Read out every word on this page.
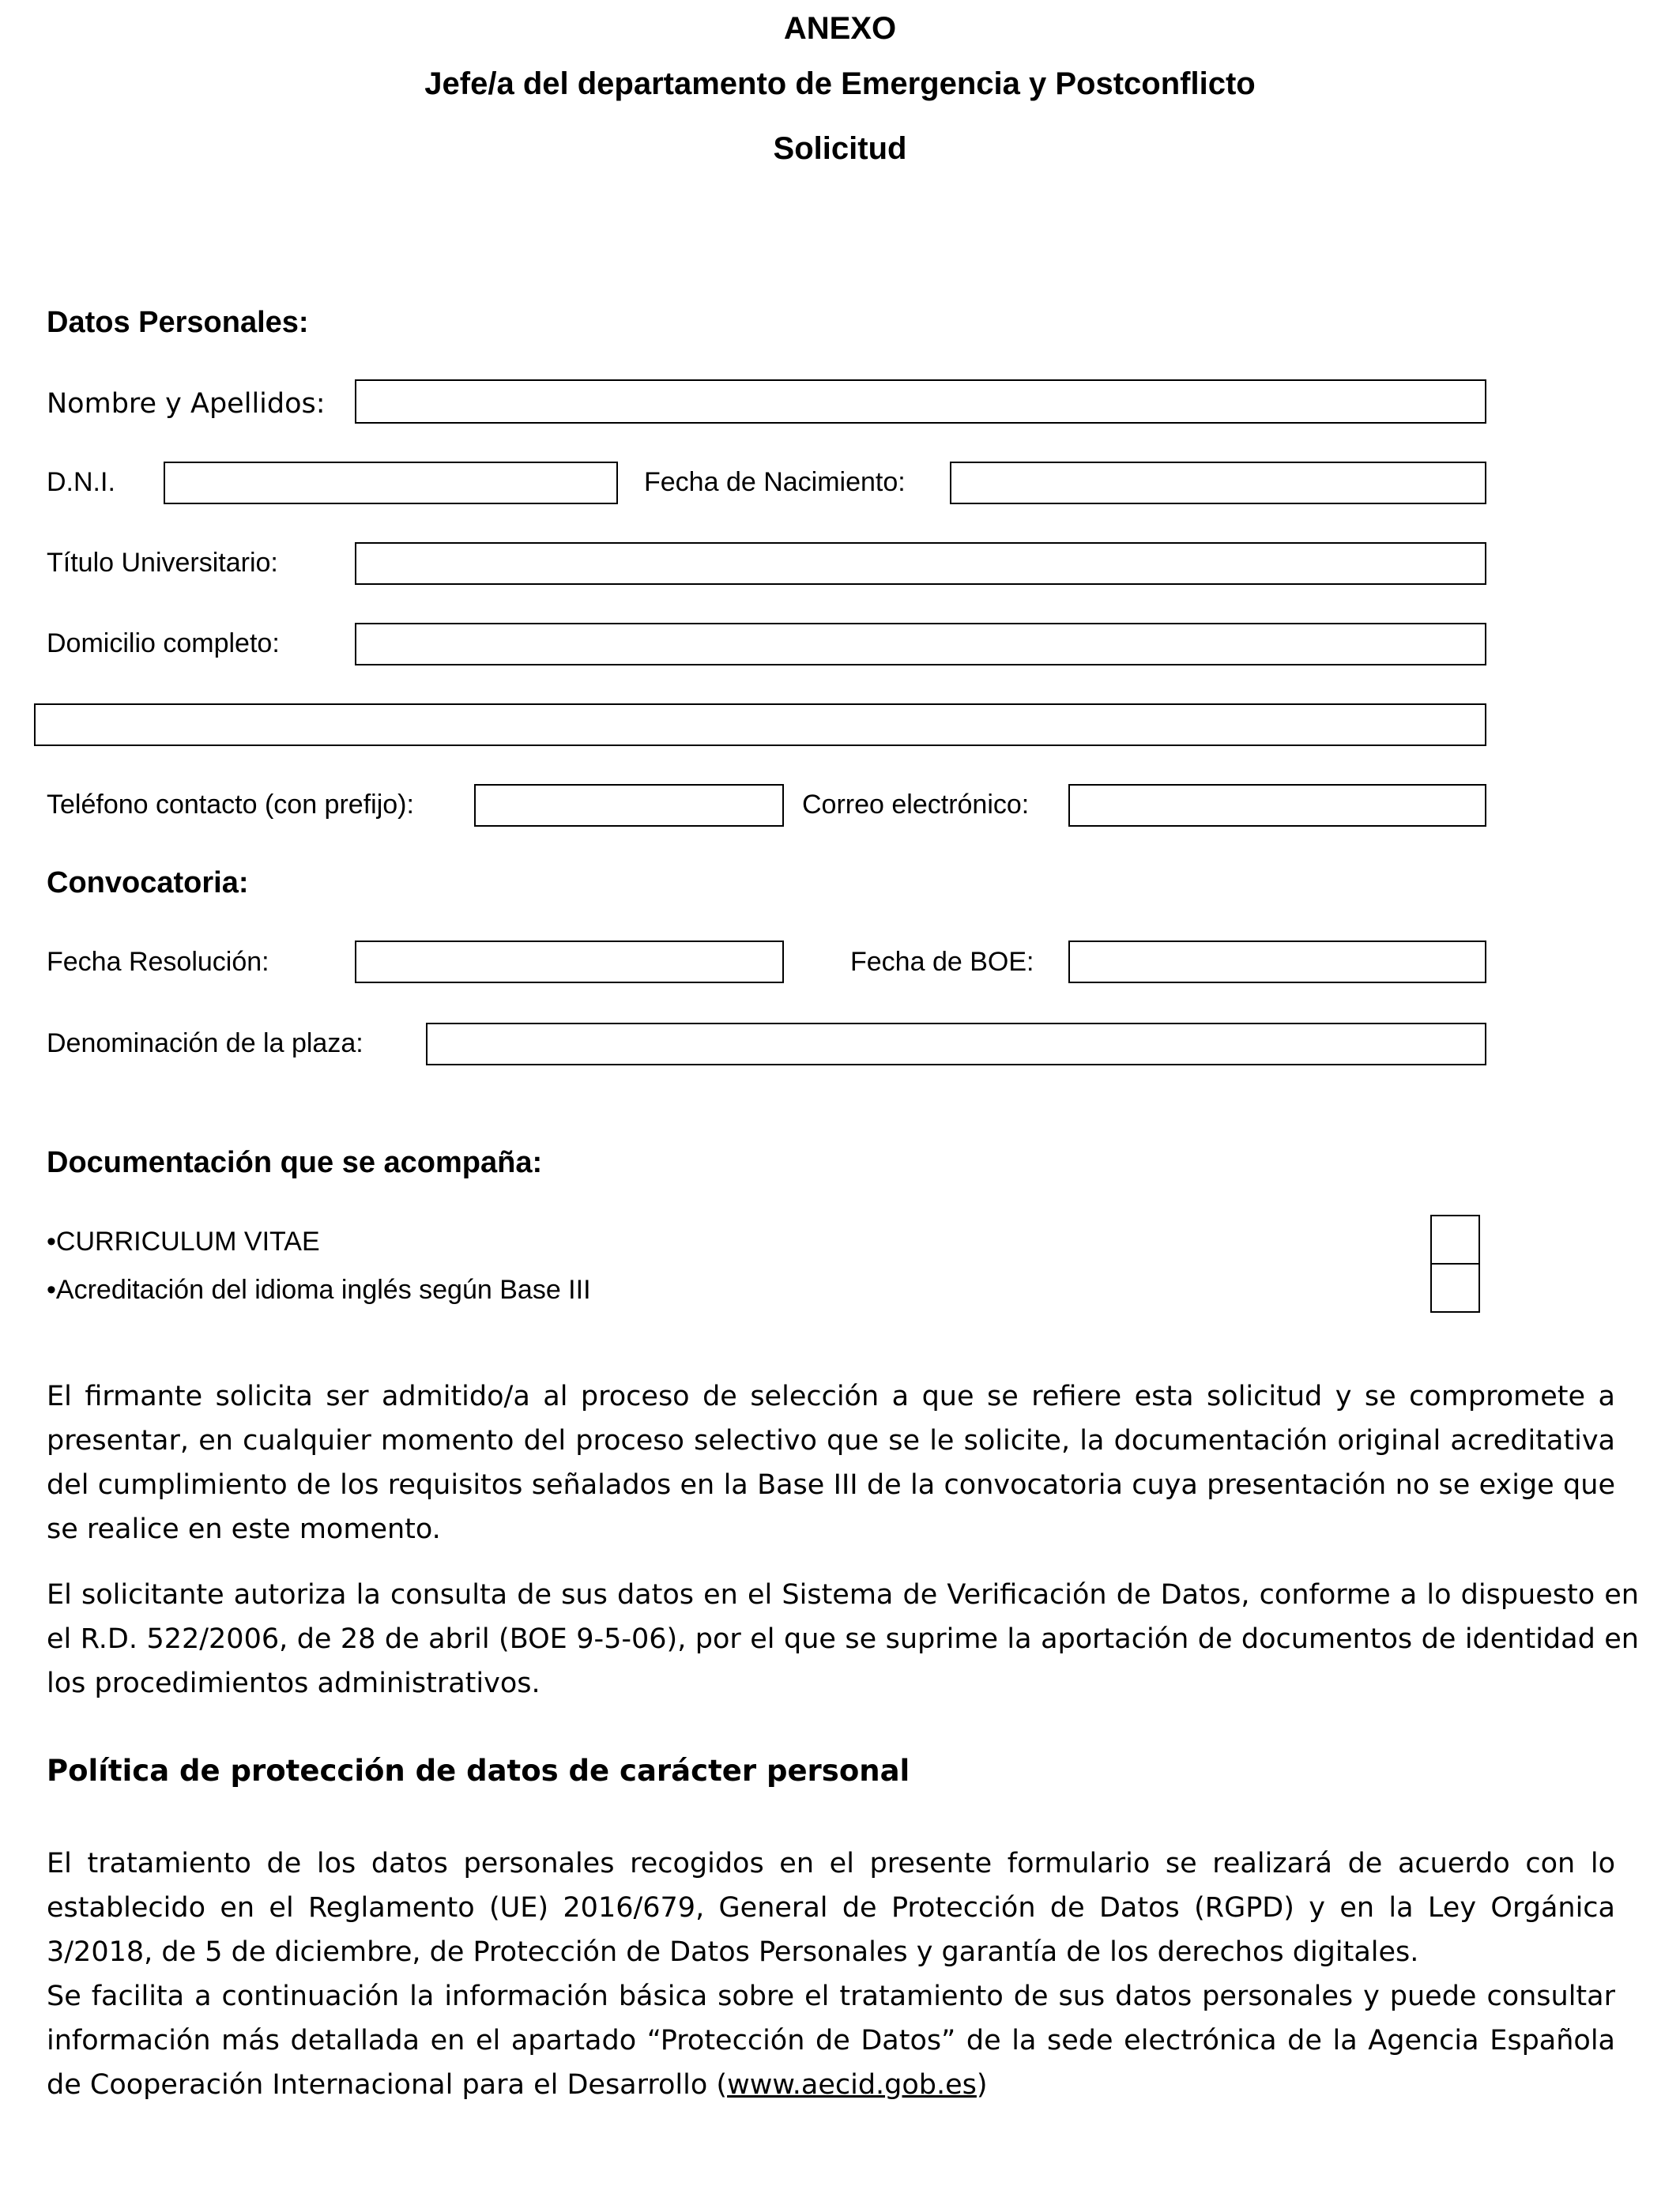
ANEXO
Jefe/a del departamento de Emergencia y Postconflicto
Solicitud
Datos Personales:
Nombre y Apellidos:
D.N.I.	Fecha de Nacimiento:
Título Universitario:
Domicilio completo:
Teléfono contacto (con prefijo):	Correo electrónico:
Convocatoria:
Fecha Resolución:	Fecha de BOE:
Denominación de la plaza:
Documentación que se acompaña:
•CURRICULUM VITAE
•Acreditación del idioma inglés según Base III
El firmante solicita ser admitido/a al proceso de selección a que se refiere esta solicitud y se compromete a presentar, en cualquier momento del proceso selectivo que se le solicite, la documentación original acreditativa del cumplimiento de los requisitos señalados en la Base III de la convocatoria cuya presentación no se exige que se realice en este momento.
El solicitante autoriza la consulta de sus datos en el Sistema de Verificación de Datos, conforme a lo dispuesto en el R.D. 522/2006, de 28 de abril (BOE 9-5-06), por el que se suprime la aportación de documentos de identidad en los procedimientos administrativos.
Política de protección de datos de carácter personal
El tratamiento de los datos personales recogidos en el presente formulario se realizará de acuerdo con lo establecido en el Reglamento (UE) 2016/679, General de Protección de Datos (RGPD) y en la Ley Orgánica 3/2018, de 5 de diciembre, de Protección de Datos Personales y garantía de los derechos digitales.
Se facilita a continuación la información básica sobre el tratamiento de sus datos personales y puede consultar información más detallada en el apartado “Protección de Datos” de la sede electrónica de la Agencia Española de Cooperación Internacional para el Desarrollo (www.aecid.gob.es)
